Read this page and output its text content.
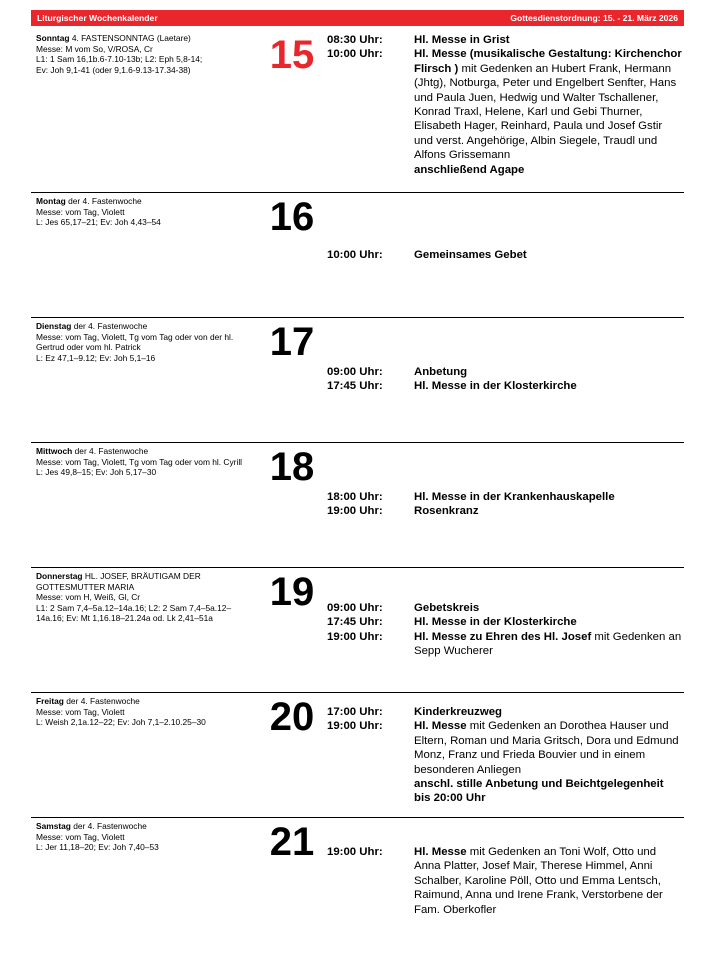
Liturgischer Wochenkalender	Gottesdienstordnung: 15. - 21. März 2026
Sonntag 4. FASTENSONNTAG (Laetare)
Messe: M vom So, V/ROSA, Cr
L1: 1 Sam 16,1b.6-7.10-13b; L2: Eph 5,8-14;
Ev: Joh 9,1-41 (oder 9,1.6-9.13-17.34-38)	15	08:30 Uhr:	Hl. Messe in Grist
10:00 Uhr:	Hl. Messe (musikalische Gestaltung: Kirchenchor Flirsch ) mit Gedenken an Hubert Frank, Hermann (Jhtg), Notburga, Peter und Engelbert Senfter, Hans und Paula Juen, Hedwig und Walter Tschallener, Konrad Traxl, Helene, Karl und Gebi Thurner, Elisabeth Hager, Reinhard, Paula und Josef Gstir und verst. Angehörige, Albin Siegele, Traudl und Alfons Grissemann
anschließend Agape
Montag der 4. Fastenwoche
Messe: vom Tag, Violett
L: Jes 65,17–21; Ev: Joh 4,43–54	16
10:00 Uhr:	Gemeinsames Gebet
Dienstag der 4. Fastenwoche
Messe: vom Tag, Violett, Tg vom Tag oder von der hl. Gertrud oder vom hl. Patrick
L: Ez 47,1–9.12; Ev: Joh 5,1–16	17
09:00 Uhr:	Anbetung
17:45 Uhr:	Hl. Messe in der Klosterkirche
Mittwoch der 4. Fastenwoche
Messe: vom Tag, Violett, Tg vom Tag oder vom hl. Cyrill
L: Jes 49,8–15; Ev: Joh 5,17–30	18
18:00 Uhr:	Hl. Messe in der Krankenhauskapelle
19:00 Uhr:	Rosenkranz
Donnerstag HL. JOSEF, BRÄUTIGAM DER GOTTESMUTTER MARIA
Messe: vom H, Weiß, Gl, Cr
L1: 2 Sam 7,4–5a.12–14a.16; L2: 2 Sam 7,4–5a.12–14a.16; Ev: Mt 1,16.18–21.24a od. Lk 2,41–51a
19	09:00 Uhr:	Gebetskreis
17:45 Uhr:	Hl. Messe in der Klosterkirche
19:00 Uhr:	Hl. Messe zu Ehren des Hl. Josef mit Gedenken an Sepp Wucherer
Freitag der 4. Fastenwoche
Messe: vom Tag, Violett
L: Weish 2,1a.12–22; Ev: Joh 7,1–2.10.25–30	20	17:00 Uhr:	Kinderkreuzweg
19:00 Uhr:	Hl. Messe mit Gedenken an Dorothea Hauser und Eltern, Roman und Maria Gritsch, Dora und Edmund Monz, Franz und Frieda Bouvier und in einem besonderen Anliegen
anschl. stille Anbetung und Beichtgelegenheit bis 20:00 Uhr
Samstag der 4. Fastenwoche
Messe: vom Tag, Violett
L: Jer 11,18–20; Ev: Joh 7,40–53	21	19:00 Uhr:	Hl. Messe mit Gedenken an Toni Wolf, Otto und Anna Platter, Josef Mair, Therese Himmel, Anni Schalber, Karoline Pöll, Otto und Emma Lentsch, Raimund, Anna und Irene Frank, Verstorbene der Fam. Oberkofler
